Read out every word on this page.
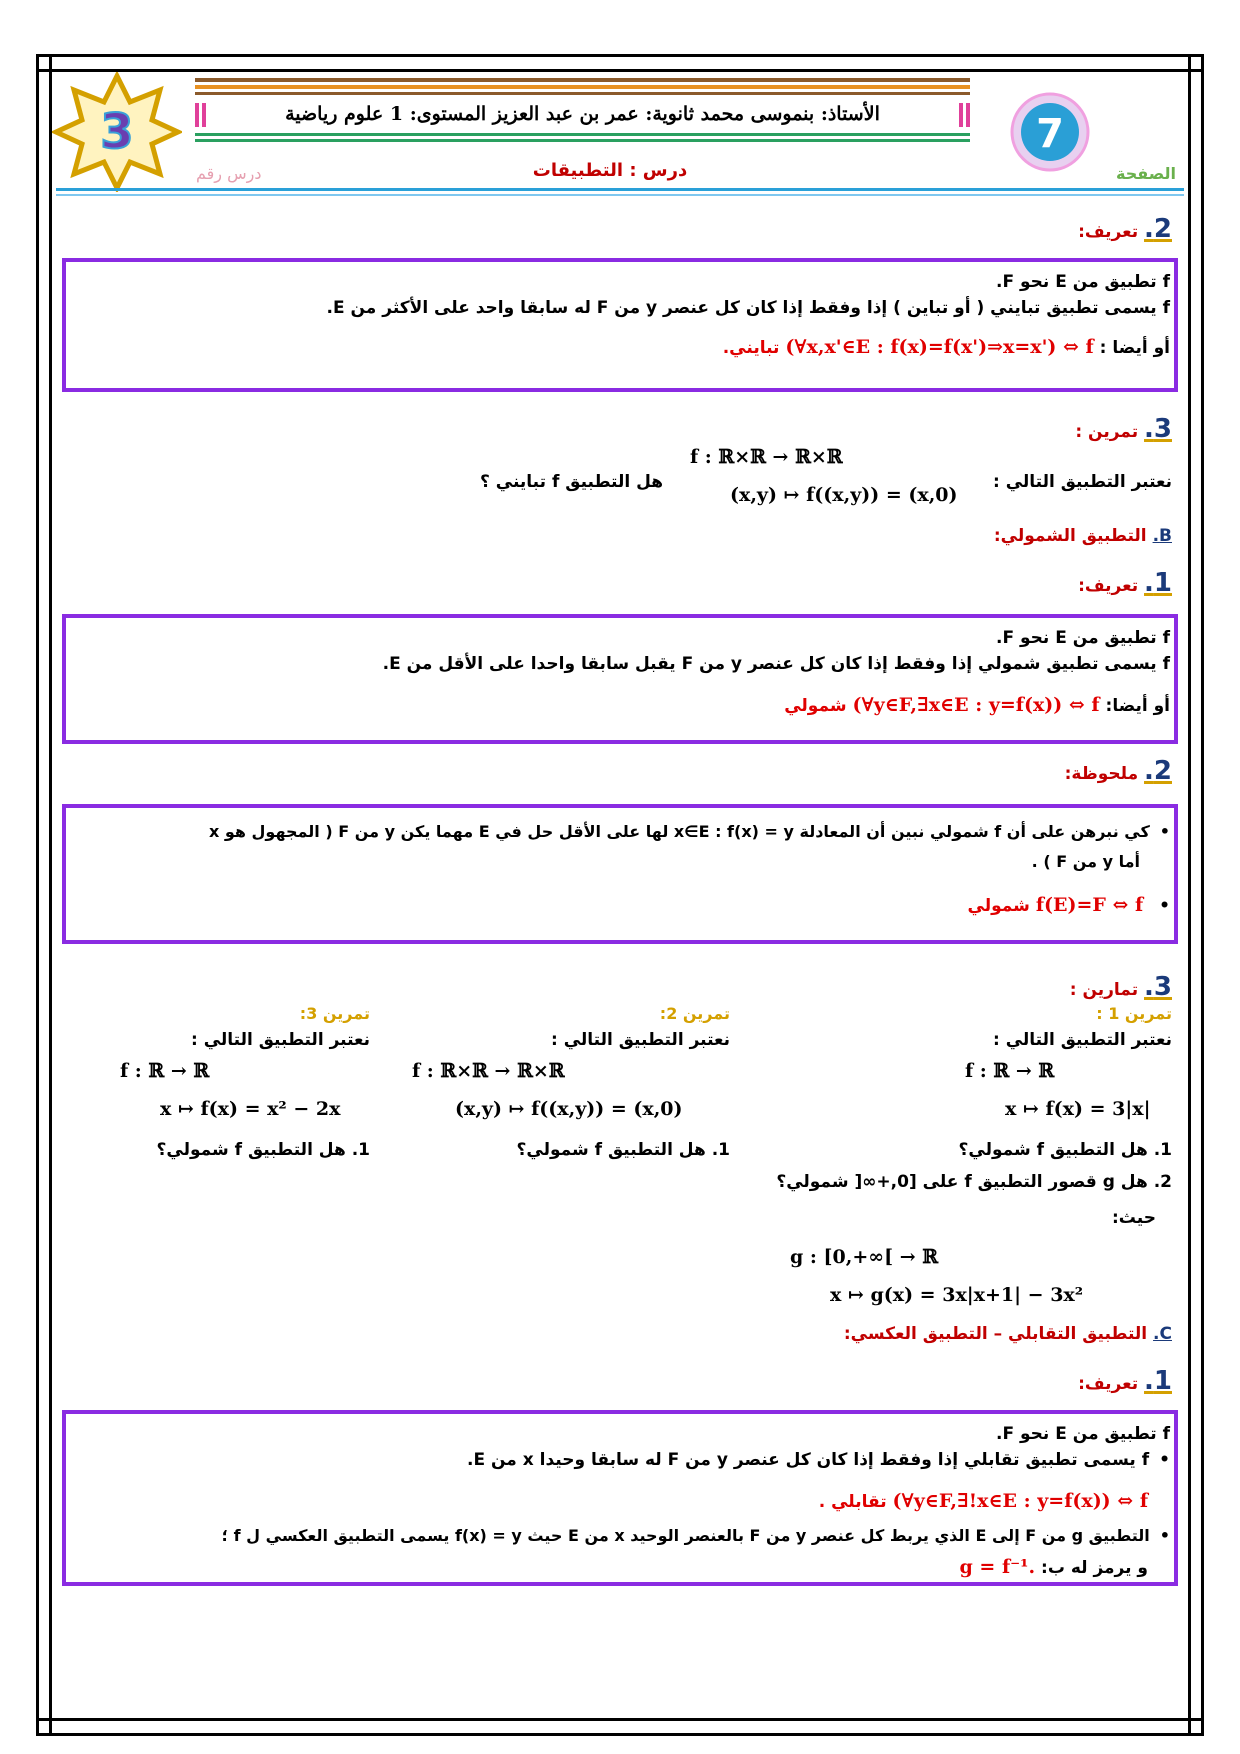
3	7
الأستاذ: بنموسى محمد ثانوية: عمر بن عبد العزيز المستوى: 1 علوم رياضية
الصفحة
درس : التطبيقات
درس رقم
2. تعريف:
f تطبيق من E نحو F.
f يسمى تطبيق تبايني ( أو تباين ) إذا وفقط إذا كان كل عنصر y من F له سابقا واحد على الأكثر من E.
أو أيضا : (∀x,x'∈E : f(x)=f(x')⇒x=x') ⇔ f تبايني.
3. تمرين :
f : ℝ×ℝ → ℝ×ℝ
نعتبر التطبيق التالي :
(x,y) ↦ f((x,y)) = (x,0)
هل التطبيق f تبايني ؟
B. التطبيق الشمولي:
1. تعريف:
f تطبيق من E نحو F.
f يسمى تطبيق شمولي إذا وفقط إذا كان كل عنصر y من F يقبل سابقا واحدا على الأقل من E.
أو أيضا: (∀y∈F,∃x∈E : y=f(x)) ⇔ f شمولي
2. ملحوظة:
• كي نبرهن على أن f شمولي نبين أن المعادلة x∈E : f(x) = y لها على الأقل حل في E مهما يكن y من F ( المجهول هو x
أما y من F ) .
• f(E)=F ⇔ f شمولي
3. تمارين :
تمرين 1 :
نعتبر التطبيق التالي :
f : ℝ → ℝ
x ↦ f(x) = 3|x|
1. هل التطبيق f شمولي؟
2. هل g قصور التطبيق f على [0,+∞[ شمولي؟
حيث:
g : [0,+∞[ → ℝ
x ↦ g(x) = 3x|x+1| − 3x²
تمرين 2:
نعتبر التطبيق التالي :
f : ℝ×ℝ → ℝ×ℝ
(x,y) ↦ f((x,y)) = (x,0)
1. هل التطبيق f شمولي؟
تمرين 3:
نعتبر التطبيق التالي :
f : ℝ → ℝ
x ↦ f(x) = x² − 2x
1. هل التطبيق f شمولي؟
C. التطبيق التقابلي – التطبيق العكسي:
1. تعريف:
f تطبيق من E نحو F.
• f يسمى تطبيق تقابلي إذا وفقط إذا كان كل عنصر y من F له سابقا وحيدا x من E.
(∀y∈F,∃!x∈E : y=f(x)) ⇔ f تقابلي .
• التطبيق g من F إلى E الذي يربط كل عنصر y من F بالعنصر الوحيد x من E حيث f(x) = y يسمى التطبيق العكسي ل f ؛
و يرمز له ب: g = f⁻¹.
